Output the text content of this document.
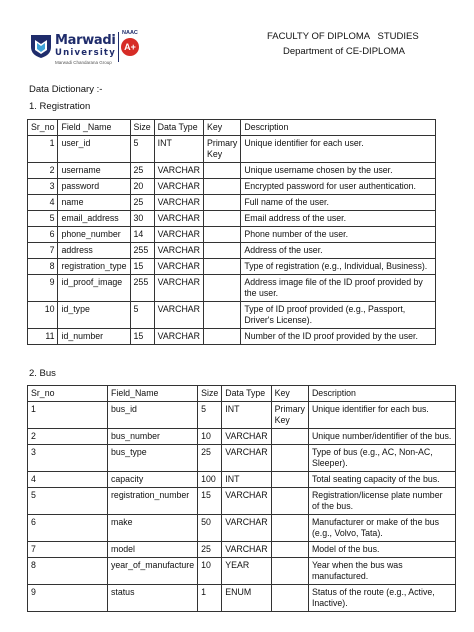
Marwadi
University
Marwadi Chandarana Group
NAAC
A+
FACULTY OF DIPLOMA   STUDIES
Department of CE-DIPLOMA
Data Dictionary :-
1. Registration
Sr_no	Field _Name	Size	Data Type	Key	Description
1	user_id	5	INT	Primary Key	Unique identifier for each user.
2	username	25	VARCHAR		Unique username chosen by the user.
3	password	20	VARCHAR		Encrypted password for user authentication.
4	name	25	VARCHAR		Full name of the user.
5	email_address	30	VARCHAR		Email address of the user.
6	phone_number	14	VARCHAR		Phone number of the user.
7	address	255	VARCHAR		Address of the user.
8	registration_type	15	VARCHAR		Type of registration (e.g., Individual, Business).
9	id_proof_image	255	VARCHAR		Address image file of the ID proof provided by the user.
10	id_type	5	VARCHAR		Type of ID proof provided (e.g., Passport, Driver's License).
11	id_number	15	VARCHAR		Number of the ID proof provided by the user.
2. Bus
Sr_no	Field_Name	Size	Data Type	Key	Description
1	bus_id	5	INT	Primary Key	Unique identifier for each bus.
2	bus_number	10	VARCHAR		Unique number/identifier of the bus.
3	bus_type	25	VARCHAR		Type of bus (e.g., AC, Non-AC, Sleeper).
4	capacity	100	INT		Total seating capacity of the bus.
5	registration_number	15	VARCHAR		Registration/license plate number of the bus.
6	make	50	VARCHAR		Manufacturer or make of the bus (e.g., Volvo, Tata).
7	model	25	VARCHAR		Model of the bus.
8	year_of_manufacture	10	YEAR		Year when the bus was manufactured.
9	status	1	ENUM		Status of the route (e.g., Active, Inactive).
